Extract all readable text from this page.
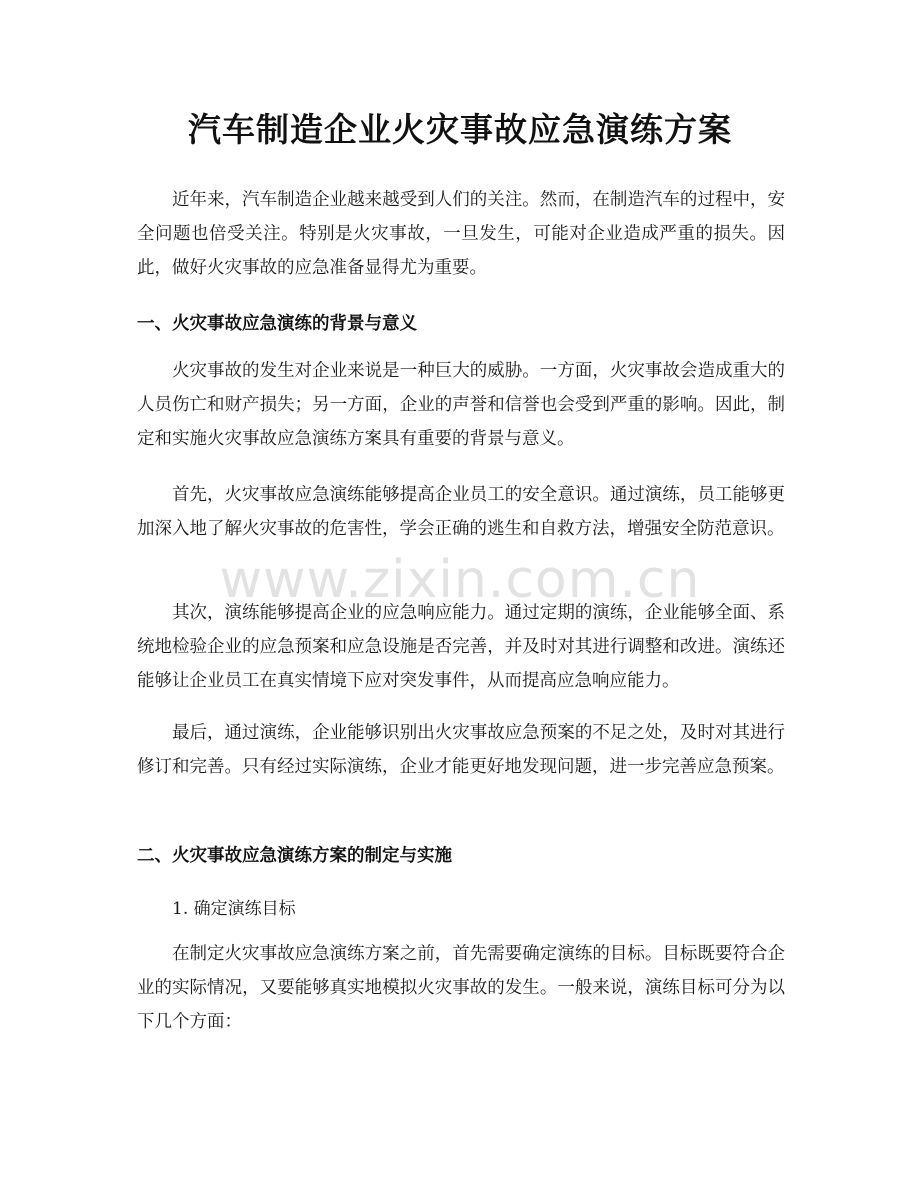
汽车制造企业火灾事故应急演练方案
近年来，汽车制造企业越来越受到人们的关注。然而，在制造汽车的过程中，安全问题也倍受关注。特别是火灾事故，一旦发生，可能对企业造成严重的损失。因此，做好火灾事故的应急准备显得尤为重要。
一、火灾事故应急演练的背景与意义
火灾事故的发生对企业来说是一种巨大的威胁。一方面，火灾事故会造成重大的人员伤亡和财产损失；另一方面，企业的声誉和信誉也会受到严重的影响。因此，制定和实施火灾事故应急演练方案具有重要的背景与意义。
首先，火灾事故应急演练能够提高企业员工的安全意识。通过演练，员工能够更加深入地了解火灾事故的危害性，学会正确的逃生和自救方法，增强安全防范意识。
其次，演练能够提高企业的应急响应能力。通过定期的演练，企业能够全面、系统地检验企业的应急预案和应急设施是否完善，并及时对其进行调整和改进。演练还能够让企业员工在真实情境下应对突发事件，从而提高应急响应能力。
最后，通过演练，企业能够识别出火灾事故应急预案的不足之处，及时对其进行修订和完善。只有经过实际演练，企业才能更好地发现问题，进一步完善应急预案。
二、火灾事故应急演练方案的制定与实施
1. 确定演练目标
在制定火灾事故应急演练方案之前，首先需要确定演练的目标。目标既要符合企业的实际情况，又要能够真实地模拟火灾事故的发生。一般来说，演练目标可分为以下几个方面：
www.zixin.com.cn
